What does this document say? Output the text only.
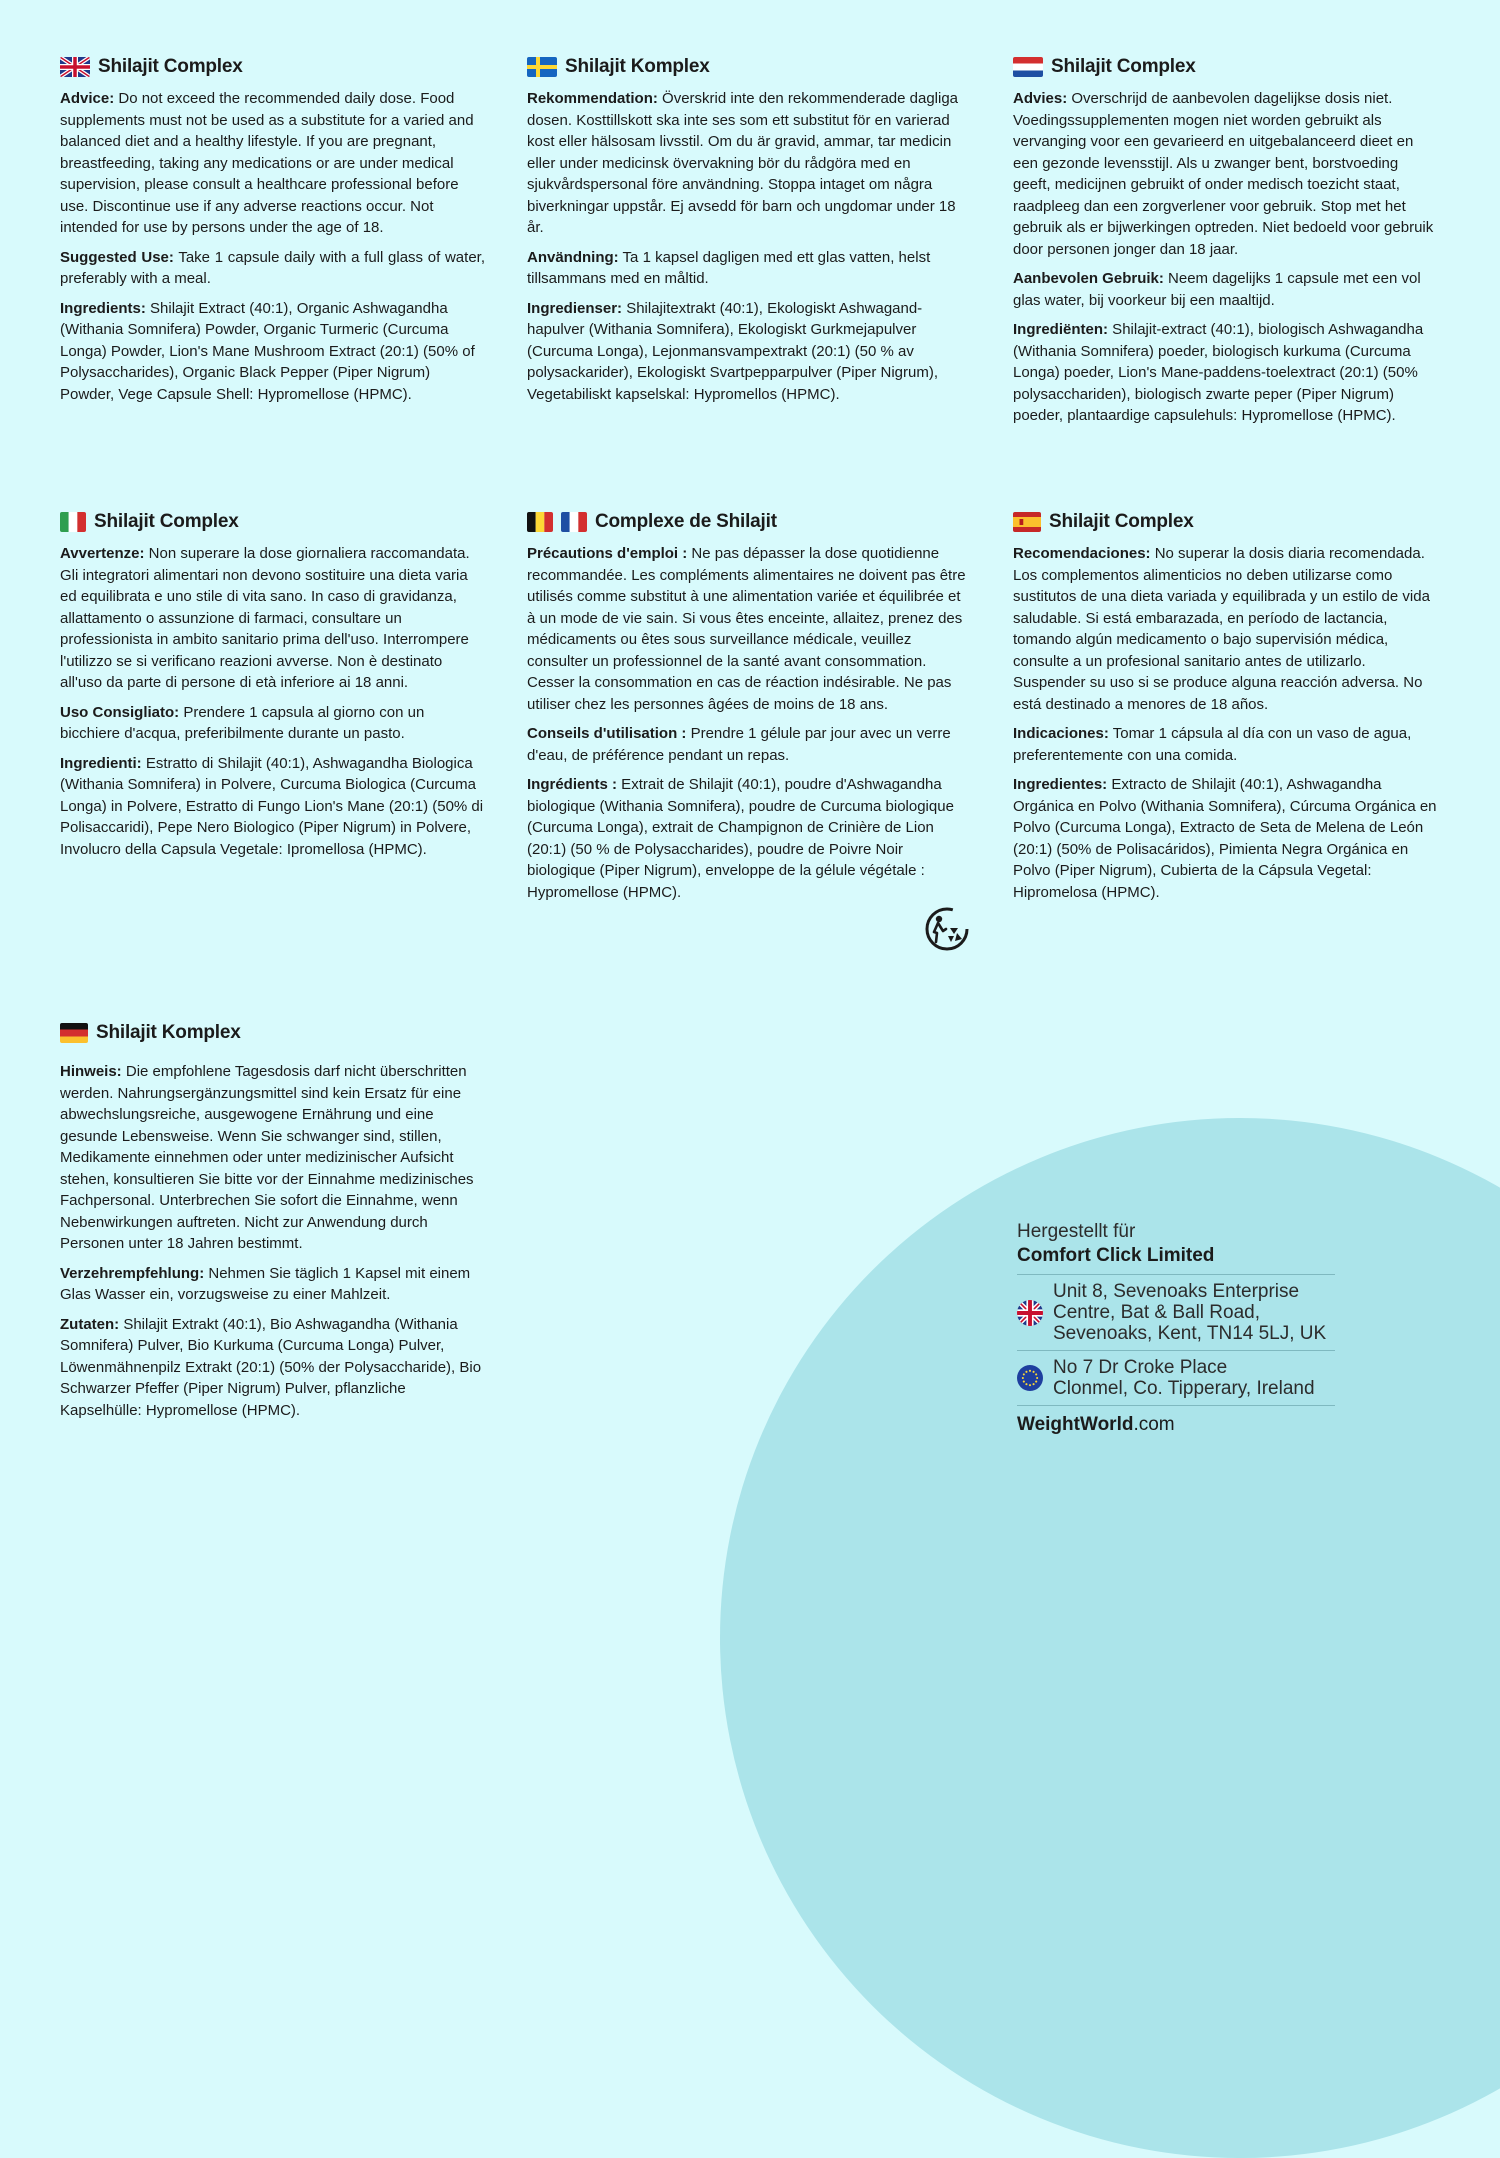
Shilajit Complex
Advice: Do not exceed the recommended daily dose. Food supplements must not be used as a substitute for a varied and balanced diet and a healthy lifestyle. If you are pregnant, breastfeeding, taking any medications or are under medical supervision, please consult a healthcare professional before use. Discontinue use if any adverse reactions occur. Not intended for use by persons under the age of 18.
Suggested Use: Take 1 capsule daily with a full glass of water, preferably with a meal.
Ingredients: Shilajit Extract (40:1), Organic Ashwagandha (Withania Somnifera) Powder, Organic Turmeric (Curcuma Longa) Powder, Lion's Mane Mushroom Extract (20:1) (50% of Polysaccharides), Organic Black Pepper (Piper Nigrum) Powder, Vege Capsule Shell: Hypromellose (HPMC).
Shilajit Komplex
Rekommendation: Överskrid inte den rekommenderade dagliga dosen. Kosttillskott ska inte ses som ett substitut för en varierad kost eller hälsosam livsstil. Om du är gravid, ammar, tar medicin eller under medicinsk övervakning bör du rådgöra med en sjukvårdspersonal före användning. Stoppa intaget om några biverkningar uppstår. Ej avsedd för barn och ungdomar under 18 år.
Användning: Ta 1 kapsel dagligen med ett glas vatten, helst tillsammans med en måltid.
Ingredienser: Shilajitextrakt (40:1), Ekologiskt Ashwagand-hapulver (Withania Somnifera), Ekologiskt Gurkmejapulver (Curcuma Longa), Lejonmansvampextrakt (20:1) (50 % av polysackarider), Ekologiskt Svartpepparpulver (Piper Nigrum), Vegetabiliskt kapselskal: Hypromellos (HPMC).
Shilajit Complex
Advies: Overschrijd de aanbevolen dagelijkse dosis niet. Voedingssupplementen mogen niet worden gebruikt als vervanging voor een gevarieerd en uitgebalanceerd dieet en een gezonde levensstijl. Als u zwanger bent, borstvoeding geeft, medicijnen gebruikt of onder medisch toezicht staat, raadpleeg dan een zorgverlener voor gebruik. Stop met het gebruik als er bijwerkingen optreden. Niet bedoeld voor gebruik door personen jonger dan 18 jaar.
Aanbevolen Gebruik: Neem dagelijks 1 capsule met een vol glas water, bij voorkeur bij een maaltijd.
Ingrediënten: Shilajit-extract (40:1), biologisch Ashwagandha (Withania Somnifera) poeder, biologisch kurkuma (Curcuma Longa) poeder, Lion's Mane-paddens-toelextract (20:1) (50% polysacchariden), biologisch zwarte peper (Piper Nigrum) poeder, plantaardige capsulehuls: Hypromellose (HPMC).
Shilajit Complex
Avvertenze: Non superare la dose giornaliera raccomandata. Gli integratori alimentari non devono sostituire una dieta varia ed equilibrata e uno stile di vita sano. In caso di gravidanza, allattamento o assunzione di farmaci, consultare un professionista in ambito sanitario prima dell'uso. Interrompere l'utilizzo se si verificano reazioni avverse. Non è destinato all'uso da parte di persone di età inferiore ai 18 anni.
Uso Consigliato: Prendere 1 capsula al giorno con un bicchiere d'acqua, preferibilmente durante un pasto.
Ingredienti: Estratto di Shilajit (40:1), Ashwagandha Biologica (Withania Somnifera) in Polvere, Curcuma Biologica (Curcuma Longa) in Polvere, Estratto di Fungo Lion's Mane (20:1) (50% di Polisaccaridi), Pepe Nero Biologico (Piper Nigrum) in Polvere, Involucro della Capsula Vegetale: Ipromellosa (HPMC).
Complexe de Shilajit
Précautions d'emploi : Ne pas dépasser la dose quotidienne recommandée. Les compléments alimentaires ne doivent pas être utilisés comme substitut à une alimentation variée et équilibrée et à un mode de vie sain. Si vous êtes enceinte, allaitez, prenez des médicaments ou êtes sous surveillance médicale, veuillez consulter un professionnel de la santé avant consommation. Cesser la consommation en cas de réaction indésirable. Ne pas utiliser chez les personnes âgées de moins de 18 ans.
Conseils d'utilisation : Prendre 1 gélule par jour avec un verre d'eau, de préférence pendant un repas.
Ingrédients : Extrait de Shilajit (40:1), poudre d'Ashwagandha biologique (Withania Somnifera), poudre de Curcuma biologique (Curcuma Longa), extrait de Champignon de Crinière de Lion (20:1) (50 % de Polysaccharides), poudre de Poivre Noir biologique (Piper Nigrum), enveloppe de la gélule végétale : Hypromellose (HPMC).
Shilajit Complex
Recomendaciones: No superar la dosis diaria recomendada. Los complementos alimenticios no deben utilizarse como sustitutos de una dieta variada y equilibrada y un estilo de vida saludable. Si está embarazada, en período de lactancia, tomando algún medicamento o bajo supervisión médica, consulte a un profesional sanitario antes de utilizarlo. Suspender su uso si se produce alguna reacción adversa. No está destinado a menores de 18 años.
Indicaciones: Tomar 1 cápsula al día con un vaso de agua, preferentemente con una comida.
Ingredientes: Extracto de Shilajit (40:1), Ashwagandha Orgánica en Polvo (Withania Somnifera), Cúrcuma Orgánica en Polvo (Curcuma Longa), Extracto de Seta de Melena de León (20:1) (50% de Polisacáridos), Pimienta Negra Orgánica en Polvo (Piper Nigrum), Cubierta de la Cápsula Vegetal: Hipromelosa (HPMC).
Shilajit Komplex
Hinweis: Die empfohlene Tagesdosis darf nicht überschritten werden. Nahrungsergänzungsmittel sind kein Ersatz für eine abwechslungsreiche, ausgewogene Ernährung und eine gesunde Lebensweise. Wenn Sie schwanger sind, stillen, Medikamente einnehmen oder unter medizinischer Aufsicht stehen, konsultieren Sie bitte vor der Einnahme medizinisches Fachpersonal. Unterbrechen Sie sofort die Einnahme, wenn Nebenwirkungen auftreten. Nicht zur Anwendung durch Personen unter 18 Jahren bestimmt.
Verzehrempfehlung: Nehmen Sie täglich 1 Kapsel mit einem Glas Wasser ein, vorzugsweise zu einer Mahlzeit.
Zutaten: Shilajit Extrakt (40:1), Bio Ashwagandha (Withania Somnifera) Pulver, Bio Kurkuma (Curcuma Longa) Pulver, Löwenmähnenpilz Extrakt (20:1) (50% der Polysaccharide), Bio Schwarzer Pfeffer (Piper Nigrum) Pulver, pflanzliche Kapselhülle: Hypromellose (HPMC).
Hergestellt für
Comfort Click Limited
Unit 8, Sevenoaks Enterprise
Centre, Bat & Ball Road,
Sevenoaks, Kent, TN14 5LJ, UK
No 7 Dr Croke Place
Clonmel, Co. Tipperary, Ireland
WeightWorld.com
